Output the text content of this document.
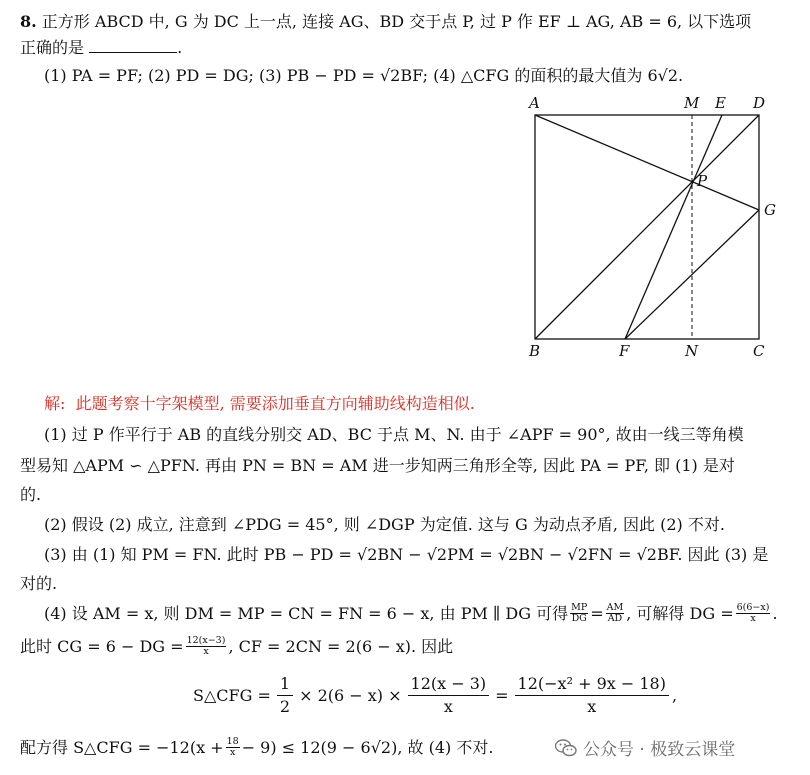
8. 正方形 ABCD 中, G 为 DC 上一点, 连接 AG、BD 交于点 P, 过 P 作 EF ⊥ AG, AB = 6, 以下选项
正确的是	.
(1) PA = PF; (2) PD = DG; (3) PB − PD = √2BF; (4) △CFG 的面积的最大值为 6√2.
A	M E D
P
G
B	F	N	C
解: 此题考察十字架模型, 需要添加垂直方向辅助线构造相似.
(1) 过 P 作平行于 AB 的直线分别交 AD、BC 于点 M、N. 由于 ∠APF = 90°, 故由一线三等角模
型易知 △APM ∽ △PFN. 再由 PN = BN = AM 进一步知两三角形全等, 因此 PA = PF, 即 (1) 是对
的.
(2) 假设 (2) 成立, 注意到 ∠PDG = 45°, 则 ∠DGP 为定值. 这与 G 为动点矛盾, 因此 (2) 不对.
(3) 由 (1) 知 PM = FN. 此时 PB − PD = √2BN − √2PM = √2BN − √2FN = √2BF. 因此 (3) 是
对的.
(4) 设 AM = x, 则 DM = MP = CN = FN = 6 − x, 由 PM ∥ DG 可得 $\frac{MP}{DG} = \frac{AM}{AD}$ , 可解得 DG = $\frac{6(6-x)}{x}$ .
此时 CG = 6 − DG = $\frac{12(x-3)}{x}$ , CF = 2CN = 2(6 − x). 因此
S△CFG = $\frac{1}{2} \times 2(6 - x) \times \frac{12(x - 3)}{x} = \frac{\text{12(−x² + 9x − 18)}}{x}$ ,
配方得 S△CFG = $-12(x + \frac{18}{x} - 9) \le 12(9 - 6√2)$, 故 (4) 不对.	公众号 · 极致云课堂
